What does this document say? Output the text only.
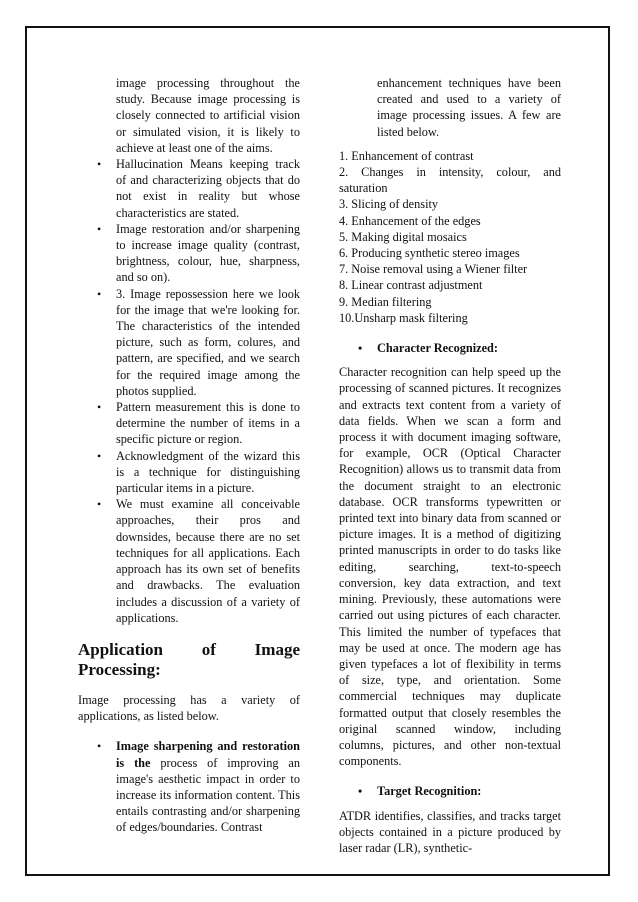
image processing throughout the study. Because image processing is closely connected to artificial vision or simulated vision, it is likely to achieve at least one of the aims.

• Hallucination Means keeping track of and characterizing objects that do not exist in reality but whose characteristics are stated.
• Image restoration and/or sharpening to increase image quality (contrast, brightness, colour, hue, sharpness, and so on).
• 3. Image repossession here we look for the image that we're looking for. The characteristics of the intended picture, such as form, colures, and pattern, are specified, and we search for the required image among the photos supplied.
• Pattern measurement this is done to determine the number of items in a specific picture or region.
• Acknowledgment of the wizard this is a technique for distinguishing particular items in a picture.
• We must examine all conceivable approaches, their pros and downsides, because there are no set techniques for all applications. Each approach has its own set of benefits and drawbacks. The evaluation includes a discussion of a variety of applications.
Application of Image Processing:

Image processing has a variety of applications, as listed below.

• Image sharpening and restoration is the process of improving an image's aesthetic impact in order to increase its information content. This entails contrasting and/or sharpening of edges/boundaries. Contrast

enhancement techniques have been created and used to a variety of image processing issues. A few are listed below.

1. Enhancement of contrast
2. Changes in intensity, colour, and saturation
3. Slicing of density
4. Enhancement of the edges
5. Making digital mosaics
6. Producing synthetic stereo images
7. Noise removal using a Wiener filter
8. Linear contrast adjustment
9. Median filtering
10.Unsharp mask filtering
• Character Recognized:

Character recognition can help speed up the processing of scanned pictures. It recognizes and extracts text content from a variety of data fields. When we scan a form and process it with document imaging software, for example, OCR (Optical Character Recognition) allows us to transmit data from the document straight to an electronic database. OCR transforms typewritten or printed text into binary data from scanned or picture images. It is a method of digitizing printed manuscripts in order to do tasks like editing, searching, text-to-speech conversion, key data extraction, and text mining. Previously, these automations were carried out using pictures of each character. This limited the number of typefaces that may be used at once. The modern age has given typefaces a lot of flexibility in terms of size, type, and orientation. Some commercial techniques may duplicate formatted output that closely resembles the original scanned window, including columns, pictures, and other non-textual components.

• Target Recognition:

ATDR identifies, classifies, and tracks target objects contained in a picture produced by laser radar (LR), synthetic-
